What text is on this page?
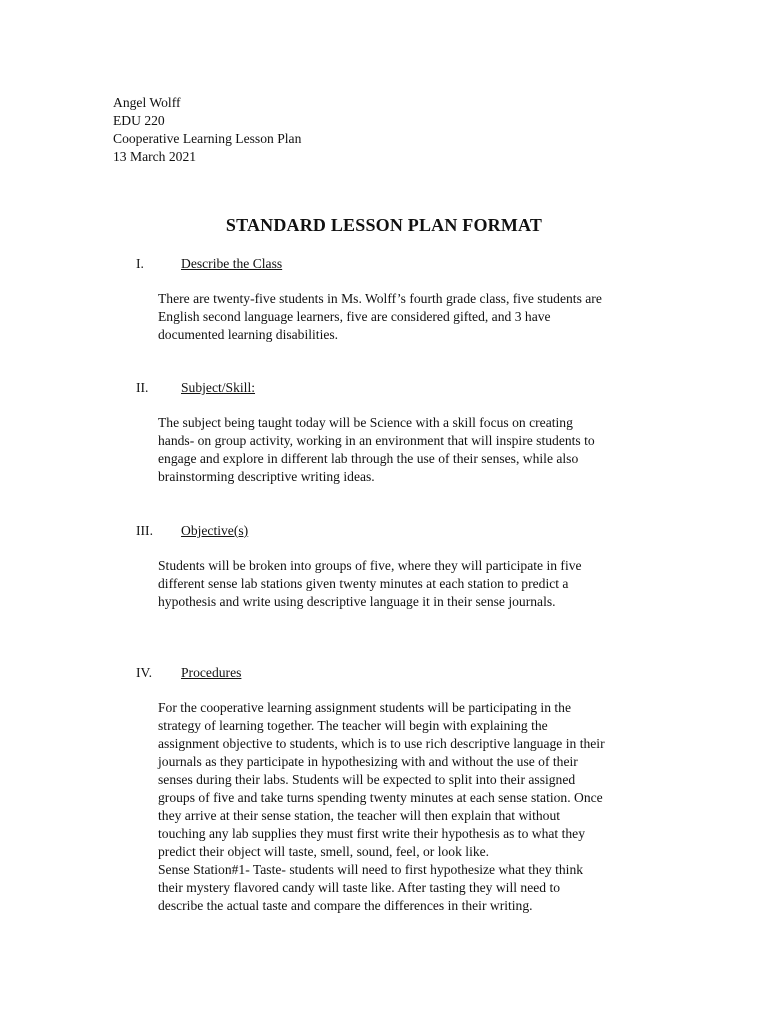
Angel Wolff
EDU 220
Cooperative Learning Lesson Plan
13 March 2021
STANDARD LESSON PLAN FORMAT
I.	Describe the Class
There are twenty-five students in Ms. Wolff’s fourth grade class, five students are
English second language learners, five are considered gifted, and 3 have
documented learning disabilities.
II. Subject/Skill:
The subject being taught today will be Science with a skill focus on creating
hands- on group activity, working in an environment that will inspire students to
engage and explore in different lab through the use of their senses, while also
brainstorming descriptive writing ideas.
III. Objective(s)
Students will be broken into groups of five, where they will participate in five
different sense lab stations given twenty minutes at each station to predict a
hypothesis and write using descriptive language it in their sense journals.
IV. Procedures
For the cooperative learning assignment students will be participating in the
strategy of learning together. The teacher will begin with explaining the
assignment objective to students, which is to use rich descriptive language in their
journals as they participate in hypothesizing with and without the use of their
senses during their labs. Students will be expected to split into their assigned
groups of five and take turns spending twenty minutes at each sense station. Once
they arrive at their sense station, the teacher will then explain that without
touching any lab supplies they must first write their hypothesis as to what they
predict their object will taste, smell, sound, feel, or look like.
Sense Station#1- Taste- students will need to first hypothesize what they think
their mystery flavored candy will taste like. After tasting they will need to
describe the actual taste and compare the differences in their writing.
